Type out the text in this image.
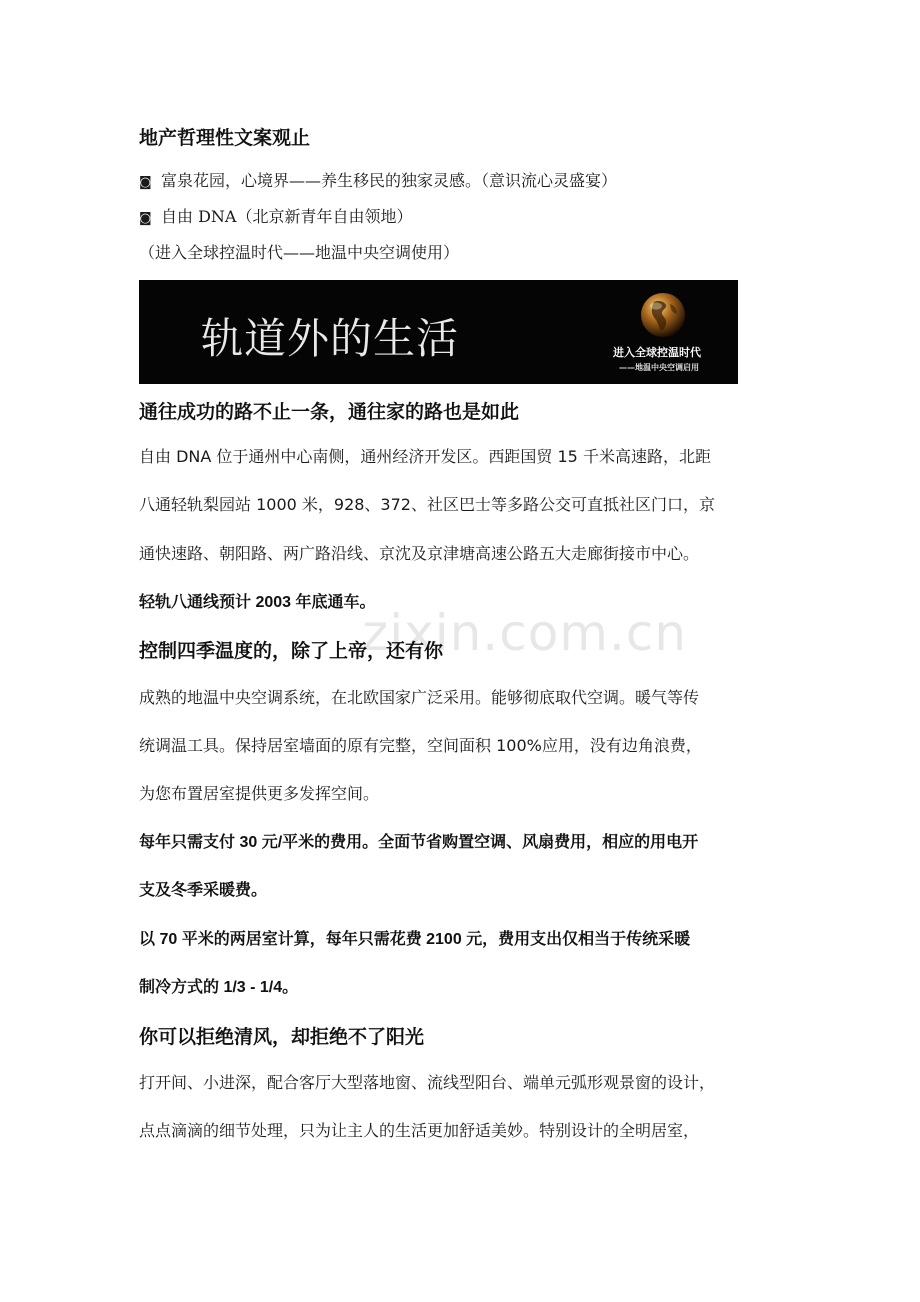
地产哲理性文案观止
◙ 富泉花园，心境界——养生移民的独家灵感。（意识流心灵盛宴）
◙ 自由 DNA（北京新青年自由领地）
（进入全球控温时代——地温中央空调使用）
轨道外的生活	进入全球控温时代
——地温中央空调启用
通往成功的路不止一条，通往家的路也是如此
自由 DNA 位于通州中心南侧，通州经济开发区。西距国贸 15 千米高速路，北距
八通轻轨梨园站 1000 米，928、372、社区巴士等多路公交可直抵社区门口，京
通快速路、朝阳路、两广路沿线、京沈及京津塘高速公路五大走廊街接市中心。
轻轨八通线预计 2003 年底通车。
控制四季温度的，除了上帝，还有你
成熟的地温中央空调系统，在北欧国家广泛采用。能够彻底取代空调。暖气等传
统调温工具。保持居室墙面的原有完整，空间面积 100%应用，没有边角浪费，
为您布置居室提供更多发挥空间。
每年只需支付 30 元/平米的费用。全面节省购置空调、风扇费用，相应的用电开
支及冬季采暖费。
以 70 平米的两居室计算，每年只需花费 2100 元，费用支出仅相当于传统采暖
制冷方式的 1/3 - 1/4。
你可以拒绝清风，却拒绝不了阳光
打开间、小进深，配合客厅大型落地窗、流线型阳台、端单元弧形观景窗的设计，
点点滴滴的细节处理，只为让主人的生活更加舒适美妙。特别设计的全明居室，
zixin.com.cn
